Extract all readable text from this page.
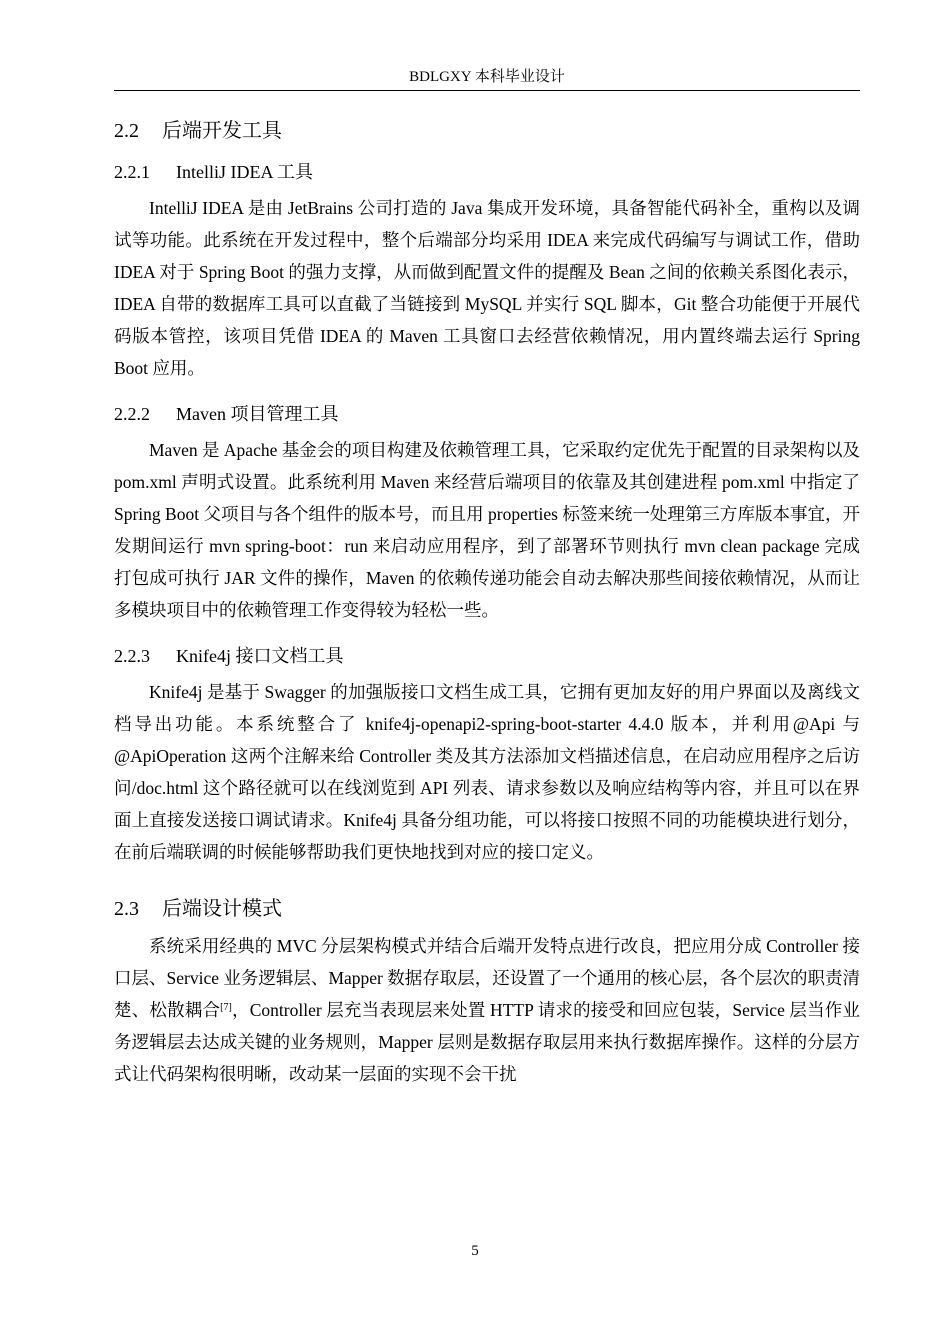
BDLGXY 本科毕业设计
2.2 后端开发工具
2.2.1 IntelliJ IDEA 工具

IntelliJ IDEA 是由 JetBrains 公司打造的 Java 集成开发环境，具备智能代码补全，重构以及调试等功能。此系统在开发过程中，整个后端部分均采用 IDEA 来完成代码编写与调试工作，借助 IDEA 对于 Spring Boot 的强力支撑，从而做到配置文件的提醒及 Bean 之间的依赖关系图化表示，IDEA 自带的数据库工具可以直截了当链接到 MySQL 并实行 SQL 脚本，Git 整合功能便于开展代码版本管控，该项目凭借 IDEA 的 Maven 工具窗口去经营依赖情况，用内置终端去运行 Spring Boot 应用。

2.2.2 Maven 项目管理工具

Maven 是 Apache 基金会的项目构建及依赖管理工具，它采取约定优先于配置的目录架构以及 pom.xml 声明式设置。此系统利用 Maven 来经营后端项目的依靠及其创建进程 pom.xml 中指定了 Spring Boot 父项目与各个组件的版本号，而且用 properties 标签来统一处理第三方库版本事宜，开发期间运行 mvn spring-boot：run 来启动应用程序，到了部署环节则执行 mvn clean package 完成打包成可执行 JAR 文件的操作，Maven 的依赖传递功能会自动去解决那些间接依赖情况，从而让多模块项目中的依赖管理工作变得较为轻松一些。

2.2.3 Knife4j 接口文档工具

Knife4j 是基于 Swagger 的加强版接口文档生成工具，它拥有更加友好的用户界面以及离线文档导出功能。本系统整合了 knife4j-openapi2-spring-boot-starter 4.4.0 版本，并利用@Api 与@ApiOperation 这两个注解来给 Controller 类及其方法添加文档描述信息，在启动应用程序之后访问/doc.html 这个路径就可以在线浏览到 API 列表、请求参数以及响应结构等内容，并且可以在界面上直接发送接口调试请求。Knife4j 具备分组功能，可以将接口按照不同的功能模块进行划分，在前后端联调的时候能够帮助我们更快地找到对应的接口定义。

2.3 后端设计模式

系统采用经典的 MVC 分层架构模式并结合后端开发特点进行改良，把应用分成 Controller 接口层、Service 业务逻辑层、Mapper 数据存取层，还设置了一个通用的核心层，各个层次的职责清楚、松散耦合[7]，Controller 层充当表现层来处置 HTTP 请求的接受和回应包装，Service 层当作业务逻辑层去达成关键的业务规则，Mapper 层则是数据存取层用来执行数据库操作。这样的分层方式让代码架构很明晰，改动某一层面的实现不会干扰

5
